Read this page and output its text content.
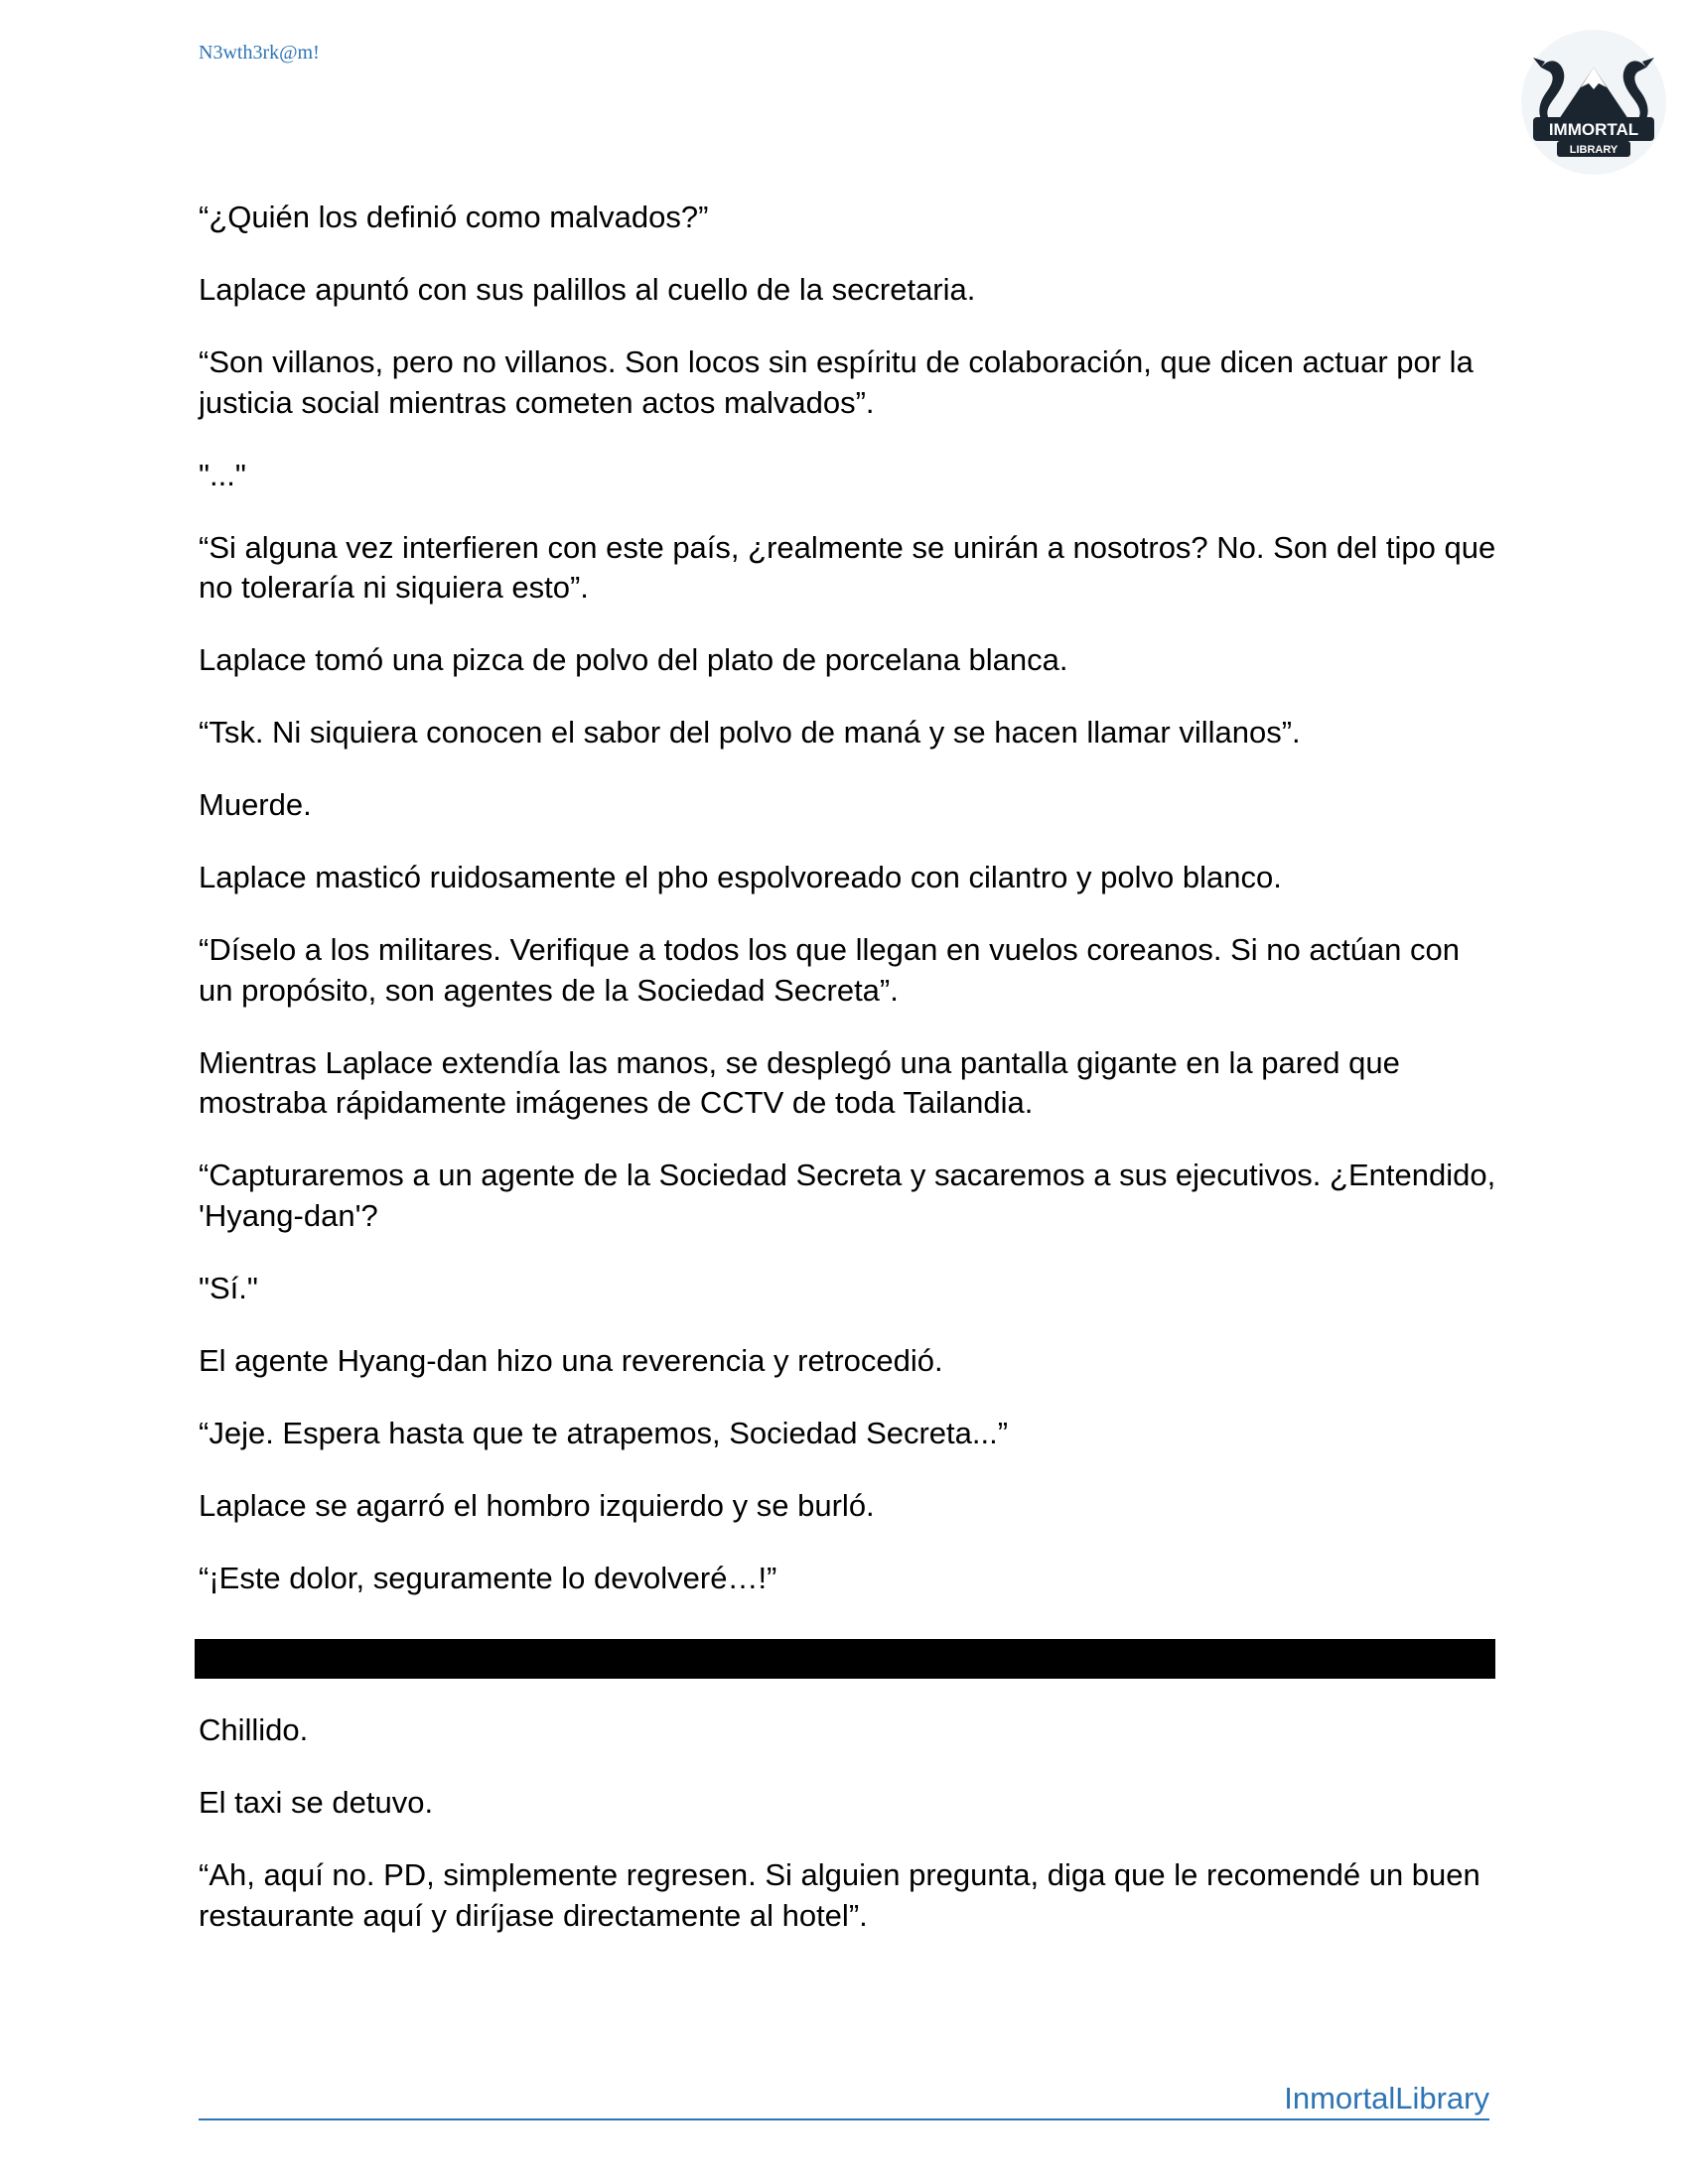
N3wth3rk@m!
IMMORTAL
LIBRARY

“¿Quién los definió como malvados?”

Laplace apuntó con sus palillos al cuello de la secretaria.

“Son villanos, pero no villanos. Son locos sin espíritu de colaboración, que dicen actuar por la justicia social mientras cometen actos malvados”.

"..."

“Si alguna vez interfieren con este país, ¿realmente se unirán a nosotros? No. Son del tipo que no toleraría ni siquiera esto”.

Laplace tomó una pizca de polvo del plato de porcelana blanca.

“Tsk. Ni siquiera conocen el sabor del polvo de maná y se hacen llamar villanos”.

Muerde.

Laplace masticó ruidosamente el pho espolvoreado con cilantro y polvo blanco.

“Díselo a los militares. Verifique a todos los que llegan en vuelos coreanos. Si no actúan con un propósito, son agentes de la Sociedad Secreta”.

Mientras Laplace extendía las manos, se desplegó una pantalla gigante en la pared que mostraba rápidamente imágenes de CCTV de toda Tailandia.

“Capturaremos a un agente de la Sociedad Secreta y sacaremos a sus ejecutivos. ¿Entendido, 'Hyang-dan'?

"Sí."

El agente Hyang-dan hizo una reverencia y retrocedió.

“Jeje. Espera hasta que te atrapemos, Sociedad Secreta...”

Laplace se agarró el hombro izquierdo y se burló.

“¡Este dolor, seguramente lo devolveré…!”

Chillido.

El taxi se detuvo.

“Ah, aquí no. PD, simplemente regresen. Si alguien pregunta, diga que le recomendé un buen restaurante aquí y diríjase directamente al hotel”.

InmortalLibrary
